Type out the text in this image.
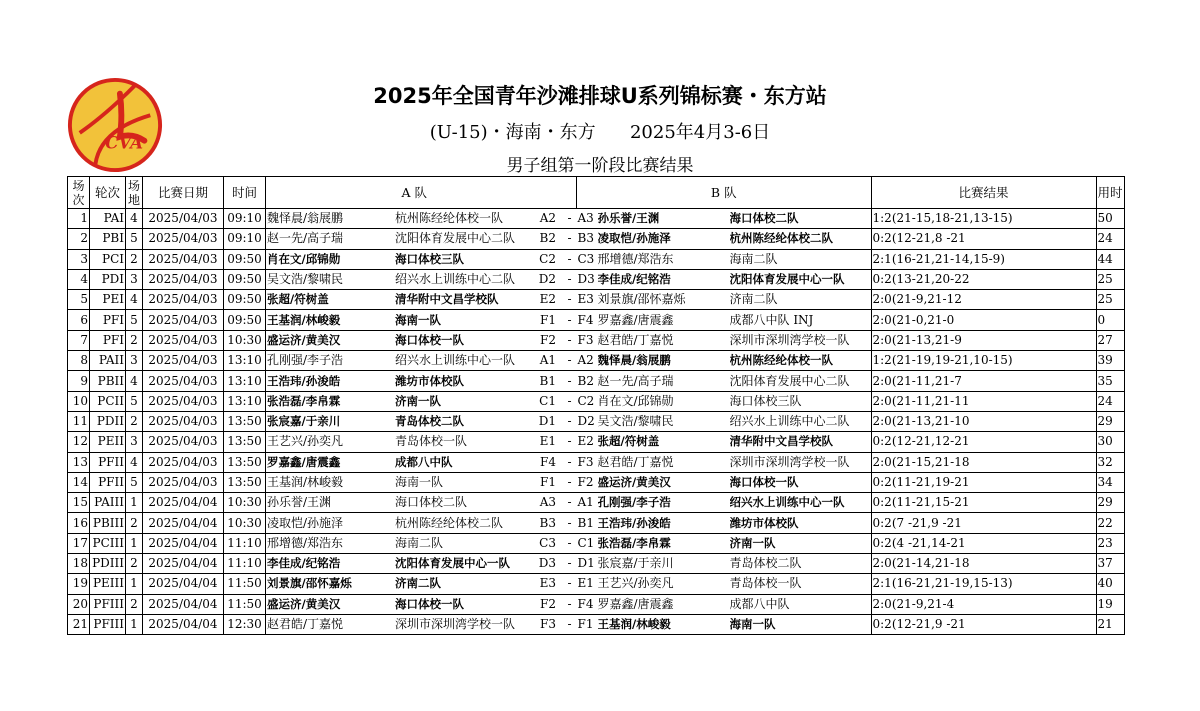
CVA
2025年全国青年沙滩排球U系列锦标赛・东方站
(U-15)・海南・东方      2025年4月3-6日
男子组第一阶段比赛结果
场次	轮次	场地	比赛日期	时间	A 队		B 队	比赛结果	用时
1	PAI	4	2025/04/03	09:10	魏怿晨/翁展鹏 杭州陈经纶体校一队 A2	-	A3 孙乐誉/王渊 海口体校二队	1:2(21-15,18-21,13-15)	50
2	PBI	5	2025/04/03	09:10	赵一先/高子瑞 沈阳体育发展中心二队 B2	-	B3 凌取恺/孙施泽 杭州陈经纶体校二队	0:2(12-21,8 -21	24
3	PCI	2	2025/04/03	09:50	肖在文/邱锦勋 海口体校三队 C2	-	C3 邢增德/郑浩东 海南二队	2:1(16-21,21-14,15-9)	44
4	PDI	3	2025/04/03	09:50	吴文浩/黎啸民 绍兴水上训练中心二队 D2	-	D3 李佳成/纪铭浩 沈阳体育发展中心一队	0:2(13-21,20-22	25
5	PEI	4	2025/04/03	09:50	张超/符树盖 清华附中文昌学校队 E2	-	E3 刘景旗/邵怀嘉烁 济南二队	2:0(21-9,21-12	25
6	PFI	5	2025/04/03	09:50	王基润/林峻毅 海南一队 F1	-	F4 罗嘉鑫/唐震鑫 成都八中队 INJ	2:0(21-0,21-0	0
7	PFI	2	2025/04/03	10:30	盛运济/黄美汉 海口体校一队 F2	-	F3 赵君皓/丁嘉悦 深圳市深圳湾学校一队	2:0(21-13,21-9	27
8	PAII	3	2025/04/03	13:10	孔刚强/李子浩 绍兴水上训练中心一队 A1	-	A2 魏怿晨/翁展鹏 杭州陈经纶体校一队	1:2(21-19,19-21,10-15)	39
9	PBII	4	2025/04/03	13:10	王浩玮/孙浚皓 潍坊市体校队 B1	-	B2 赵一先/高子瑞 沈阳体育发展中心二队	2:0(21-11,21-7	35
10	PCII	5	2025/04/03	13:10	张浩磊/李帛霖 济南一队 C1	-	C2 肖在文/邱锦勋 海口体校三队	2:0(21-11,21-11	24
11	PDII	2	2025/04/03	13:50	张宸嘉/于亲川 青岛体校二队 D1	-	D2 吴文浩/黎啸民 绍兴水上训练中心二队	2:0(21-13,21-10	29
12	PEII	3	2025/04/03	13:50	王艺兴/孙奕凡 青岛体校一队 E1	-	E2 张超/符树盖 清华附中文昌学校队	0:2(12-21,12-21	30
13	PFII	4	2025/04/03	13:50	罗嘉鑫/唐震鑫 成都八中队 F4	-	F3 赵君皓/丁嘉悦 深圳市深圳湾学校一队	2:0(21-15,21-18	32
14	PFII	5	2025/04/03	13:50	王基润/林峻毅 海南一队 F1	-	F2 盛运济/黄美汉 海口体校一队	0:2(11-21,19-21	34
15	PAIII	1	2025/04/04	10:30	孙乐誉/王渊 海口体校二队 A3	-	A1 孔刚强/李子浩 绍兴水上训练中心一队	0:2(11-21,15-21	29
16	PBIII	2	2025/04/04	10:30	凌取恺/孙施泽 杭州陈经纶体校二队 B3	-	B1 王浩玮/孙浚皓 潍坊市体校队	0:2(7 -21,9 -21	22
17	PCIII	1	2025/04/04	11:10	邢增德/郑浩东 海南二队 C3	-	C1 张浩磊/李帛霖 济南一队	0:2(4 -21,14-21	23
18	PDIII	2	2025/04/04	11:10	李佳成/纪铭浩 沈阳体育发展中心一队 D3	-	D1 张宸嘉/于亲川 青岛体校二队	2:0(21-14,21-18	37
19	PEIII	1	2025/04/04	11:50	刘景旗/邵怀嘉烁 济南二队 E3	-	E1 王艺兴/孙奕凡 青岛体校一队	2:1(16-21,21-19,15-13)	40
20	PFIII	2	2025/04/04	11:50	盛运济/黄美汉 海口体校一队 F2	-	F4 罗嘉鑫/唐震鑫 成都八中队	2:0(21-9,21-4	19
21	PFIII	1	2025/04/04	12:30	赵君皓/丁嘉悦 深圳市深圳湾学校一队 F3	-	F1 王基润/林峻毅 海南一队	0:2(12-21,9 -21	21
